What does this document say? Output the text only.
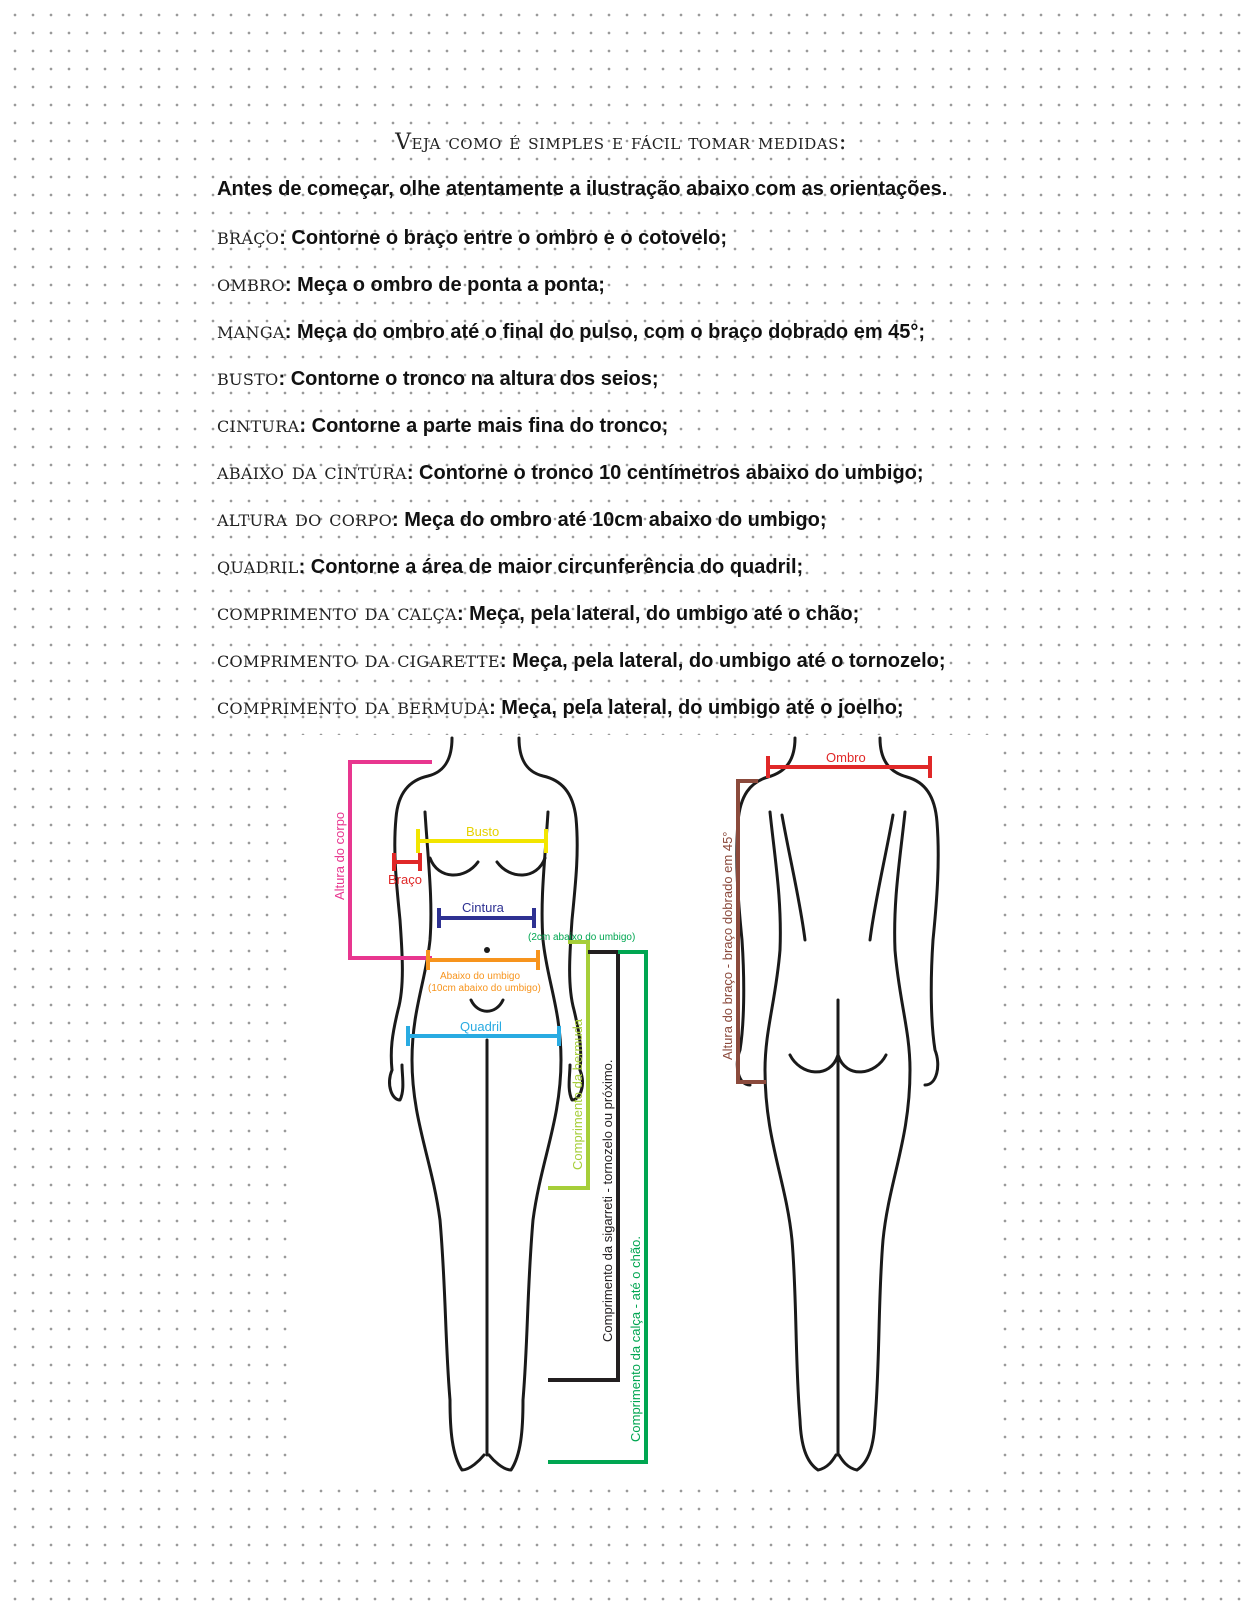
Veja como é simples e fácil tomar medidas:
Antes de começar, olhe atentamente a ilustração abaixo com as orientações.
braço: Contorne o braço entre o ombro e o cotovelo;
ombro: Meça o ombro de ponta a ponta;
manga: Meça do ombro até o final do pulso, com o braço dobrado em 45°;
busto: Contorne o tronco na altura dos seios;
cintura: Contorne a parte mais fina do tronco;
abaixo da cintura: Contorne o tronco 10 centímetros abaixo do umbigo;
altura do corpo: Meça do ombro até 10cm abaixo do umbigo;
quadril: Contorne a área de maior circunferência do quadril;
comprimento da calça: Meça, pela lateral, do umbigo até o chão;
comprimento da cigarette: Meça, pela lateral, do umbigo até o tornozelo;
comprimento da bermuda: Meça, pela lateral, do umbigo até o joelho;
Altura do corpo	Busto
Braço
Cintura
Abaixo do umbigo
(10cm abaixo do umbigo)
(2cm abaixo do umbigo)
Quadril	Comprimento da bermuda Comprimento da sigarreti - tornozelo ou próximo. Comprimento da calça - até o chão.
Ombro
Altura do braço - braço dobrado em 45°
